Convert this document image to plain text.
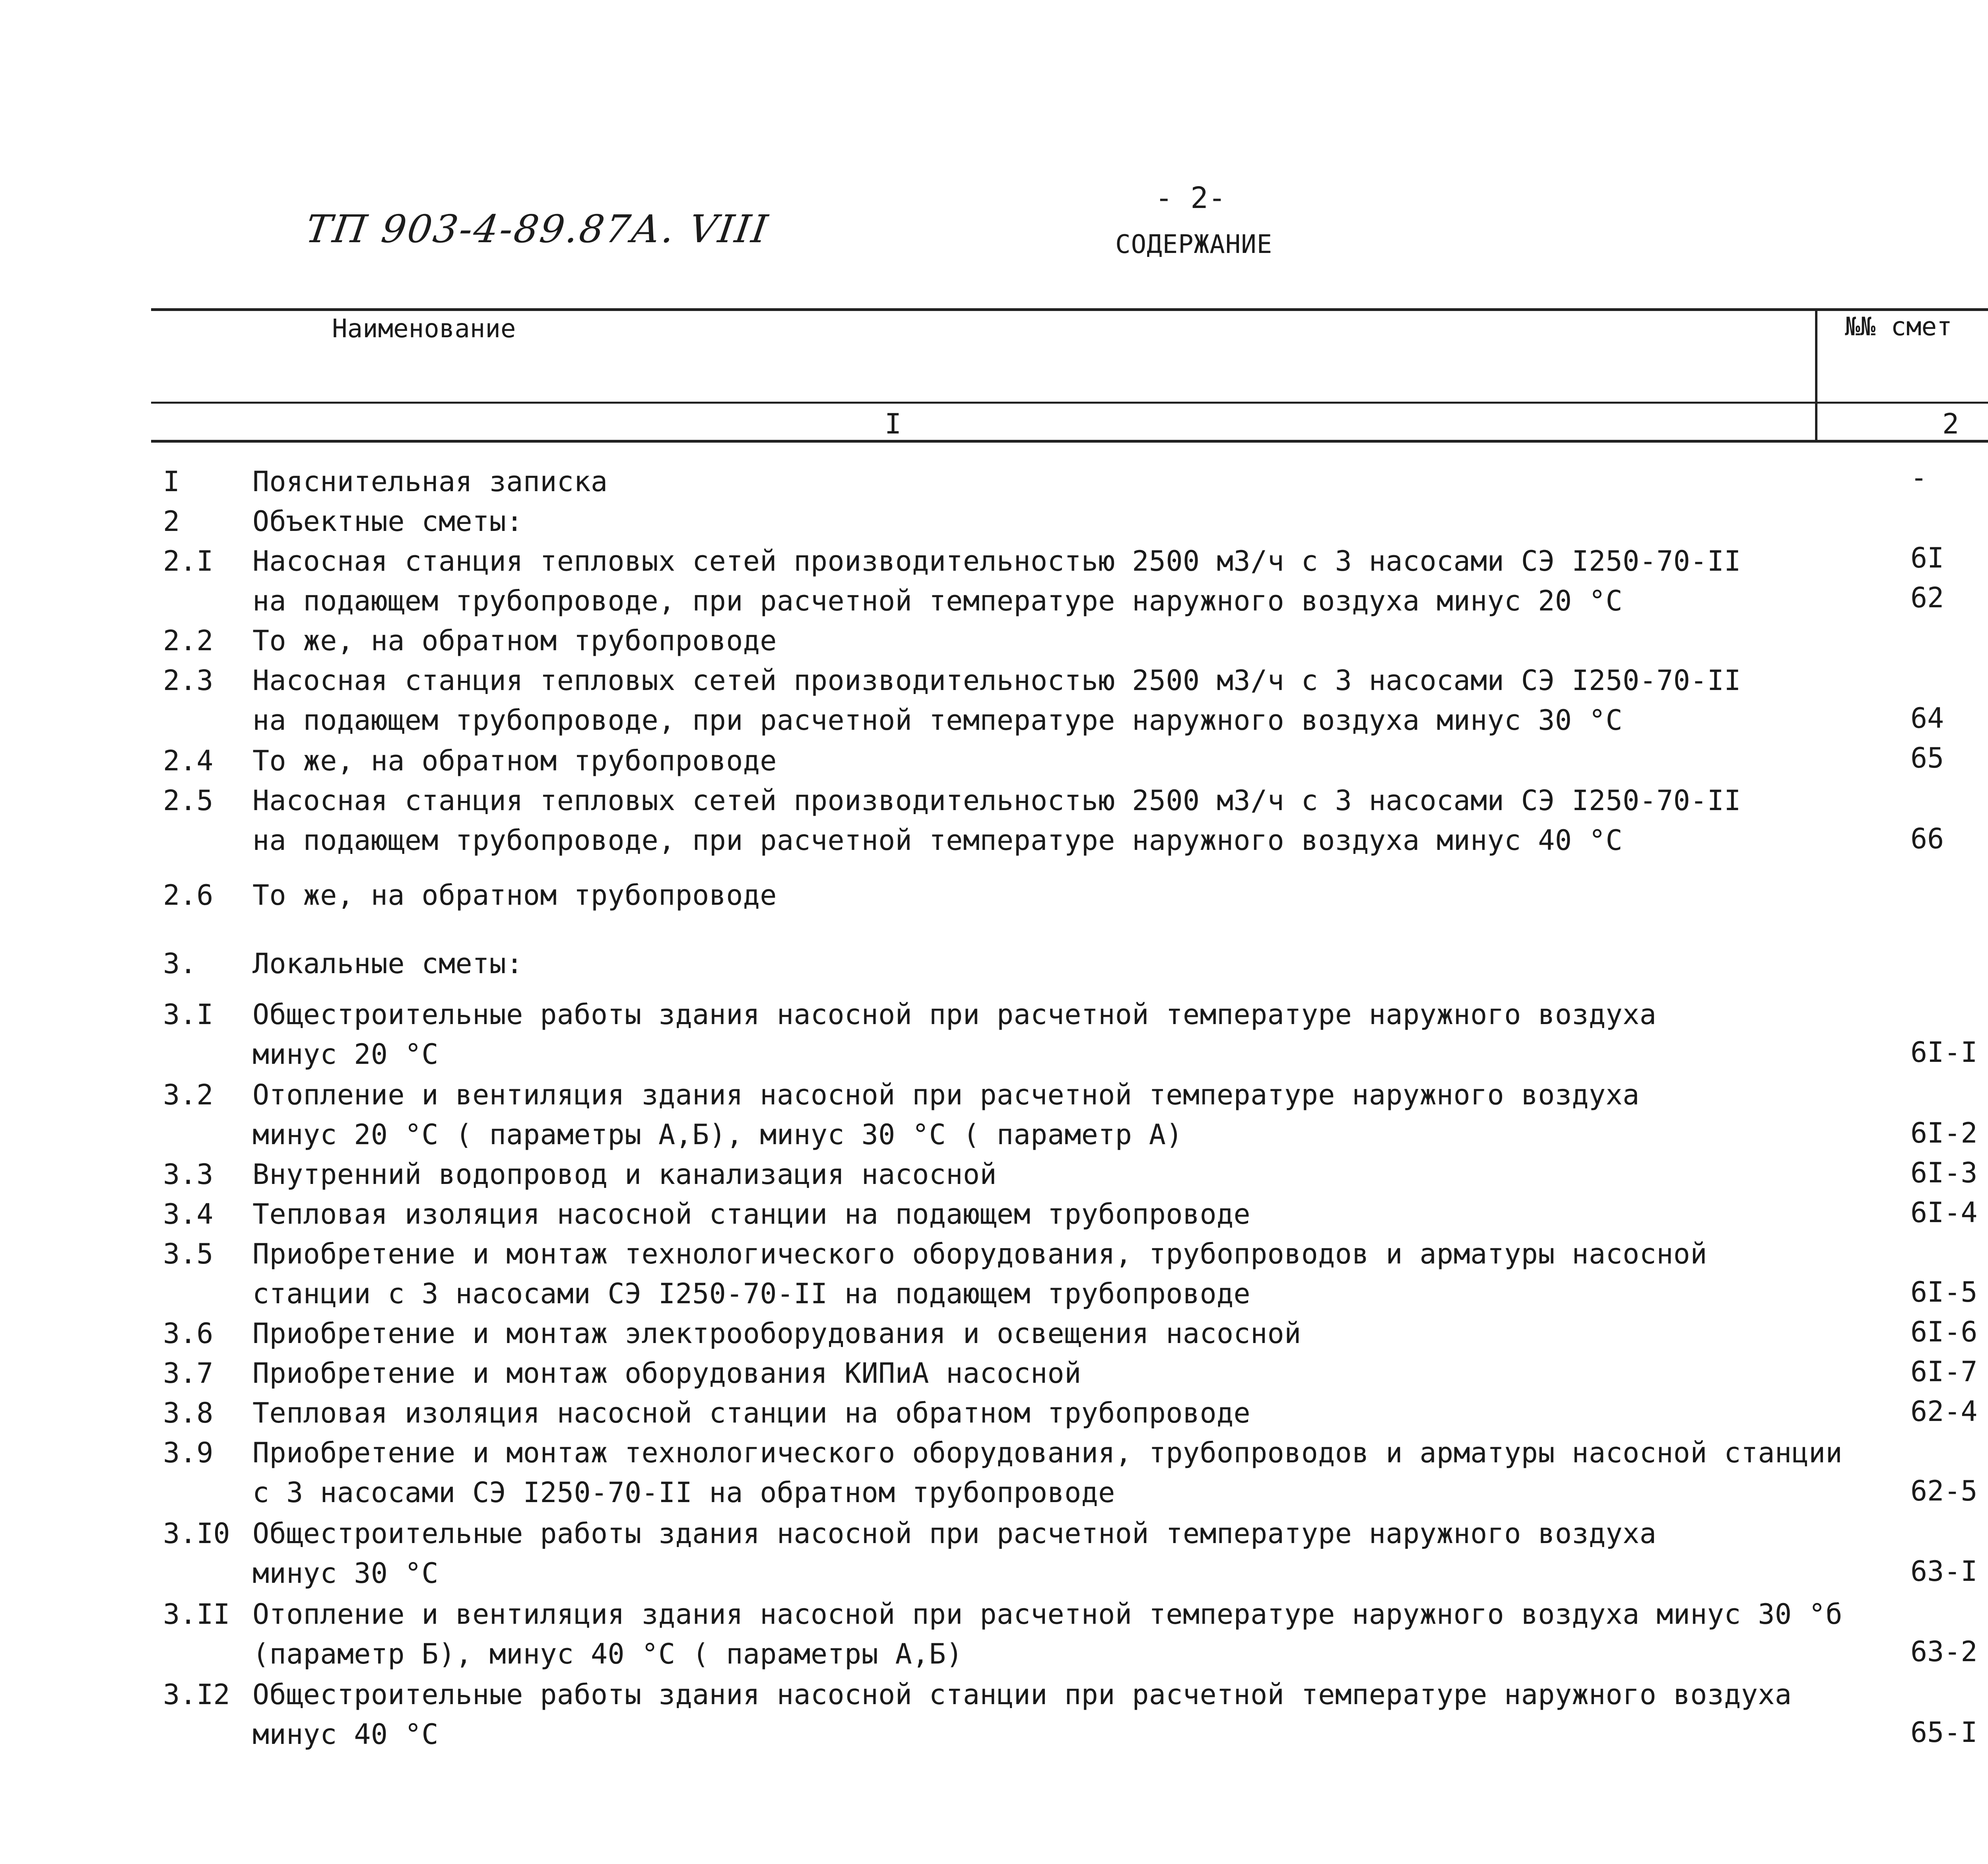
ТП 903-4-89.87А. VIII
- 2-
СОДЕРЖАНИЕ
Наименование	№№ смет
I	2
I	Пояснительная записка	-
2	Объектные сметы:
2.I Насосная станция тепловых сетей производительностью 2500 м3/ч с 3 насосами СЭ I250-70-II	6I
на подающем трубопроводе, при расчетной температуре наружного воздуха минус 20 °С	62
2.2 То же, на обратном трубопроводе
2.3 Насосная станция тепловых сетей производительностью 2500 м3/ч с 3 насосами СЭ I250-70-II
на подающем трубопроводе, при расчетной температуре наружного воздуха минус 30 °С	64
2.4 То же, на обратном трубопроводе	65
2.5 Насосная станция тепловых сетей производительностью 2500 м3/ч с 3 насосами СЭ I250-70-II
на подающем трубопроводе, при расчетной температуре наружного воздуха минус 40 °С	66
2.6 То же, на обратном трубопроводе
3. Локальные сметы:
3.I Общестроительные работы здания насосной при расчетной температуре наружного воздуха
минус 20 °С	6I-I
3.2 Отопление и вентиляция здания насосной при расчетной температуре наружного воздуха
минус 20 °С ( параметры А,Б), минус 30 °С ( параметр А)	6I-2
3.3 Внутренний водопровод и канализация насосной	6I-3
3.4 Тепловая изоляция насосной станции на подающем трубопроводе	6I-4
3.5 Приобретение и монтаж технологического оборудования, трубопроводов и арматуры насосной
станции с 3 насосами СЭ I250-70-II на подающем трубопроводе	6I-5
3.6 Приобретение и монтаж электрооборудования и освещения насосной	6I-6
3.7 Приобретение и монтаж оборудования КИПиА насосной	6I-7
3.8 Тепловая изоляция насосной станции на обратном трубопроводе	62-4
3.9 Приобретение и монтаж технологического оборудования, трубопроводов и арматуры насосной станции
с 3 насосами СЭ I250-70-II на обратном трубопроводе	62-5
3.I0 Общестроительные работы здания насосной при расчетной температуре наружного воздуха
минус 30 °С	63-I
3.II Отопление и вентиляция здания насосной при расчетной температуре наружного воздуха минус 30 °б
(параметр Б), минус 40 °С ( параметры А,Б)	63-2
3.I2 Общестроительные работы здания насосной станции при расчетной температуре наружного воздуха
минус 40 °С	65-I
